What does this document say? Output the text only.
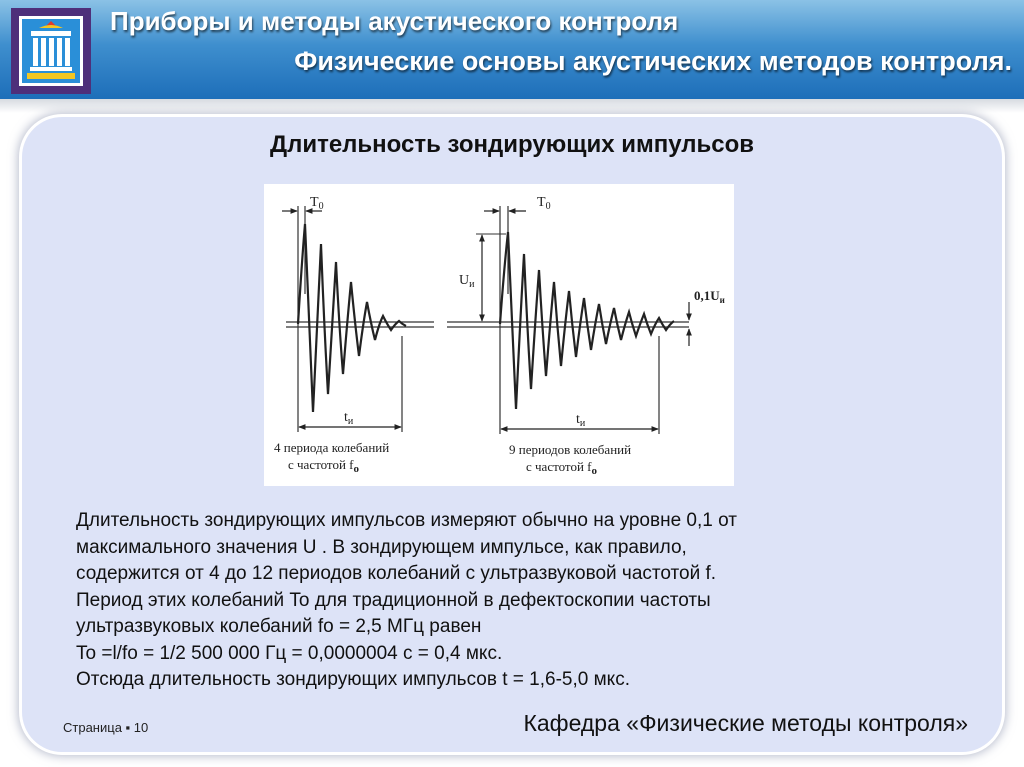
Приборы и методы акустического контроля
Физические основы акустических методов контроля.
Длительность зондирующих импульсов
$T_0$
$t_и$
4 периода колебаний
с частотой $f_o$
$T_0$
$U_и$
$0,1U_и$
$t_и$
9 периодов колебаний
с частотой $f_o$

Длительность зондирующих импульсов измеряют обычно на уровне 0,1 от
максимального значения U . В зондирующем импульсе, как правило,
содержится от 4 до 12 периодов колебаний с ультразвуковой частотой f.
Период этих колебаний To для традиционной в дефектоскопии частоты
ультразвуковых колебаний fo = 2,5 МГц равен
To =l/fo = 1/2 500 000 Гц = 0,0000004 с = 0,4 мкс.
Отсюда длительность зондирующих импульсов t = 1,6-5,0 мкс.

Страница ▪ 10	Кафедра «Физические методы контроля»
